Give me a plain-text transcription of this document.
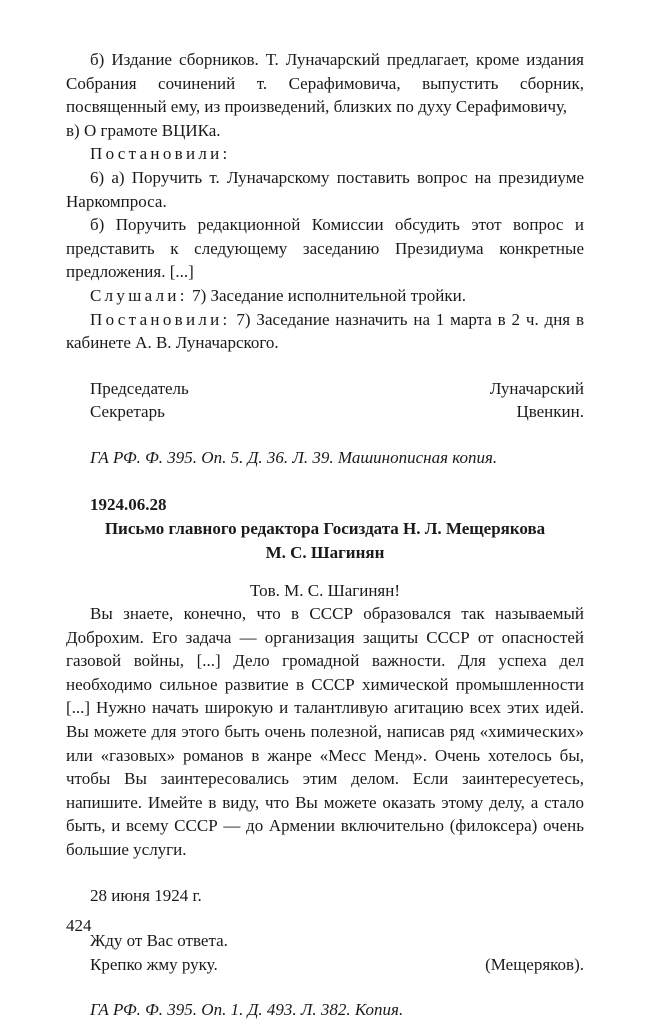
б) Издание сборников. Т. Луначарский предлагает, кроме издания Собрания сочинений т. Серафимовича, выпустить сборник, посвященный ему, из произведений, близких по духу Серафимовичу,

в) О грамоте ВЦИКа.

Постановили:

6) а) Поручить т. Луначарскому поставить вопрос на президиуме Наркомпроса.

б) Поручить редакционной Комиссии обсудить этот вопрос и представить к следующему заседанию Президиума конкретные предложения. [...]

Слушали: 7) Заседание исполнительной тройки.

Постановили: 7) Заседание назначить на 1 марта в 2 ч. дня в кабинете А. В. Луначарского.

Председатель	Луначарский
Секретарь	Цвенкин.
ГА РФ. Ф. 395. Оп. 5. Д. 36. Л. 39. Машинописная копия.
1924.06.28
Письмо главного редактора Госиздата Н. Л. Мещерякова
М. С. Шагинян
Тов. М. С. Шагинян!

Вы знаете, конечно, что в СССР образовался так называемый Доброхим. Его задача — организация защиты СССР от опасностей газовой войны, [...] Дело громадной важности. Для успеха дел необходимо сильное развитие в СССР химической промышленности [...] Нужно начать широкую и талантливую агитацию всех этих идей. Вы можете для этого быть очень полезной, написав ряд «химических» или «газовых» романов в жанре «Месс Менд». Очень хотелось бы, чтобы Вы заинтересовались этим делом. Если заинтересуетесь, напишите. Имейте в виду, что Вы можете оказать этому делу, а стало быть, и всему СССР — до Армении включительно (филоксера) очень большие услуги.

28 июня 1924 г.
Жду от Вас ответа.
Крепко жму руку.	(Мещеряков).
ГА РФ. Ф. 395. Оп. 1. Д. 493. Л. 382. Копия.
424
